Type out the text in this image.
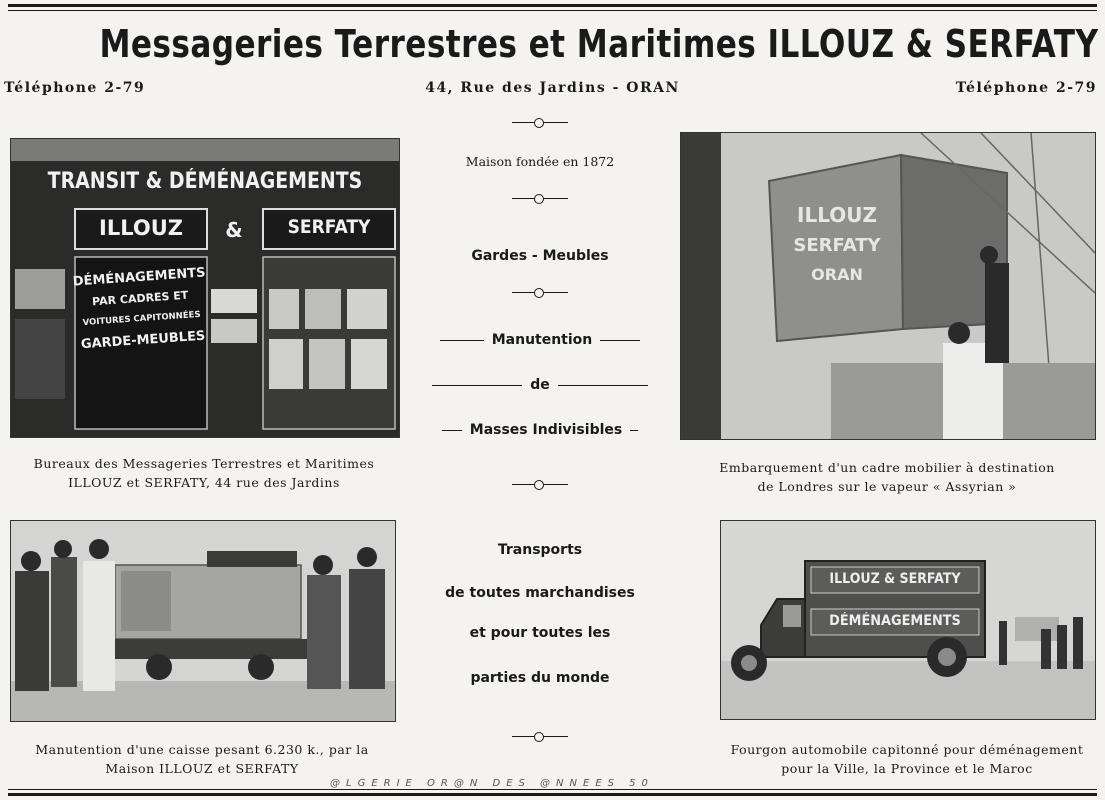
Messageries Terrestres et Maritimes ILLOUZ & SERFATY
Téléphone 2-79	44, Rue des Jardins - ORAN	Téléphone 2-79
TRANSIT & DÉMÉNAGEMENTS
ILLOUZ	&	SERFATY
DÉMÉNAGEMENTS
PAR CADRES ET
VOITURES CAPITONNÉES
GARDE-MEUBLES
Bureaux des Messageries Terrestres et Maritimes
ILLOUZ et SERFATY, 44 rue des Jardins
ILLOUZ
SERFATY
ORAN
Embarquement d'un cadre mobilier à destination
de Londres sur le vapeur « Assyrian »
Manutention d'une caisse pesant 6.230 k., par la
Maison ILLOUZ et SERFATY
ILLOUZ & SERFATY
DÉMÉNAGEMENTS
Fourgon automobile capitonné pour déménagement
pour la Ville, la Province et le Maroc
Maison fondée en 1872
Gardes - Meubles
Manutention
de
Masses Indivisibles
Transports
de toutes marchandises
et pour toutes les
parties du monde
@LGERIE OR@N DES @NNEES 50
